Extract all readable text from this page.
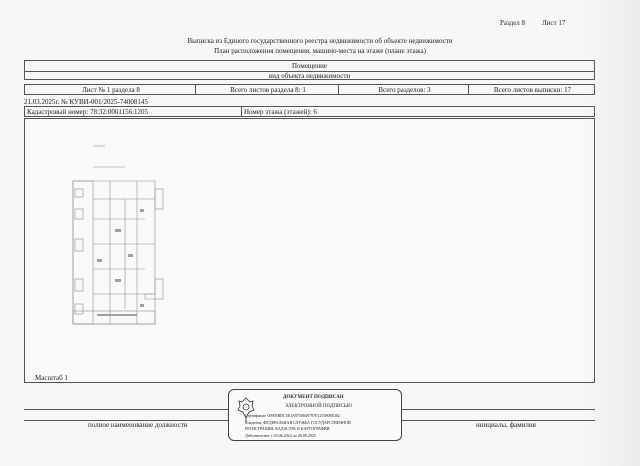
Раздел 8 Лист 17
Выписка из Единого государственного реестра недвижимости об объекте недвижимости
План расположения помещения, машино-места на этаже (плане этажа)
Помещение
вид объекта недвижимости
Лист № 1 раздела 8	Всего листов раздела 8: 1	Всего разделов: 3	Всего листов выписки: 17
21.03.2025г. № КУВИ-001/2025-74008145
Кадастровый номер: 78:32:0001156:1205	Номер этажа (этажей): 6
Масштаб 1
полное наименование должности	инициалы, фамилия
ДОКУМЕНТ ПОДПИСАН
ЭЛЕКТРОННОЙ ПОДПИСЬЮ
Сертификат: 00905BDC5E1A9750049797E1253908E302
Владелец: ФЕДЕРАЛЬНАЯ СЛУЖБА ГОСУДАРСТВЕННОЙ
РЕГИСТРАЦИИ, КАДАСТРА И КАРТОГРАФИИ
Действителен: с 03.06.2024 по 26.08.2025
